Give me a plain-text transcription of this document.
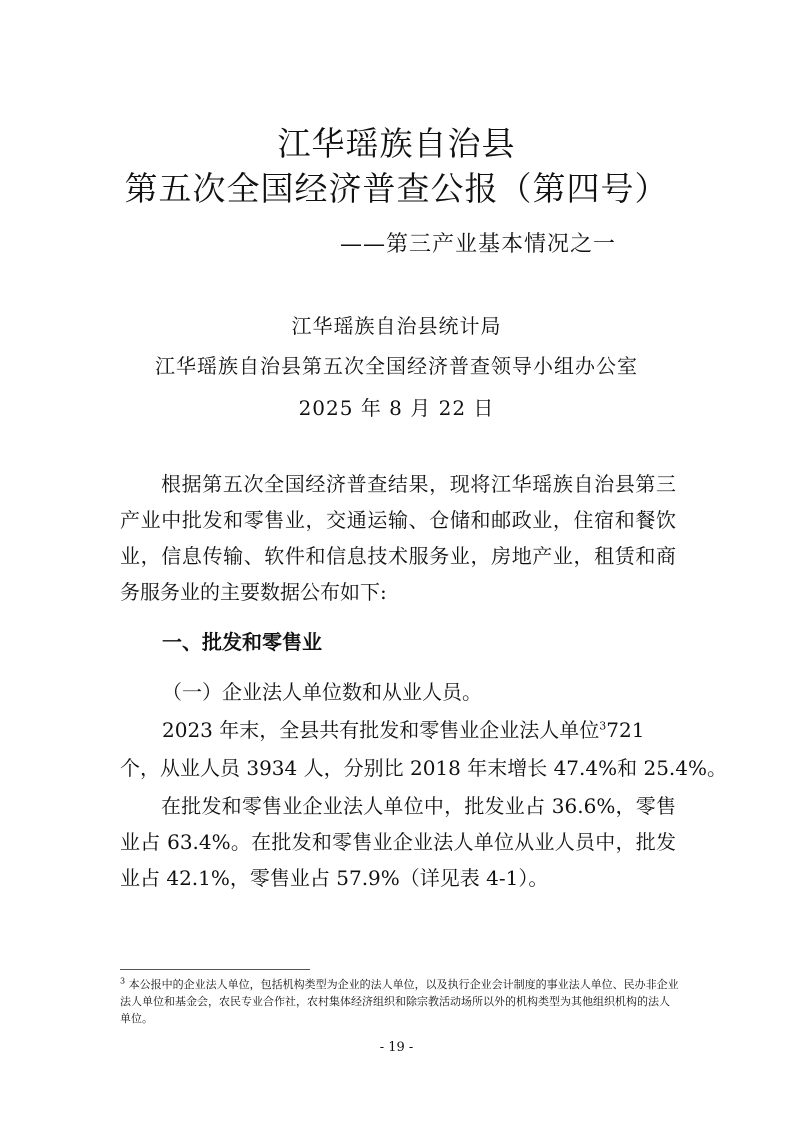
江华瑶族自治县
第五次全国经济普查公报（第四号）
——第三产业基本情况之一
江华瑶族自治县统计局
江华瑶族自治县第五次全国经济普查领导小组办公室
2025 年 8 月 22 日
根据第五次全国经济普查结果，现将江华瑶族自治县第三产业中批发和零售业，交通运输、仓储和邮政业，住宿和餐饮业，信息传输、软件和信息技术服务业，房地产业，租赁和商务服务业的主要数据公布如下:
一、批发和零售业
（一）企业法人单位数和从业人员。
2023 年末，全县共有批发和零售业企业法人单位$^3$721
个，从业人员 3934 人，分别比 2018 年末增长 47.4%和 25.4%。
在批发和零售业企业法人单位中，批发业占 36.6%，零售业占 63.4%。在批发和零售业企业法人单位从业人员中，批发业占 42.1%，零售业占 57.9%（详见表 4-1）。
$^3$ 本公报中的企业法人单位，包括机构类型为企业的法人单位，以及执行企业会计制度的事业法人单位、民办非企业法人单位和基金会，农民专业合作社，农村集体经济组织和除宗教活动场所以外的机构类型为其他组织机构的法人单位。
- 19 -
